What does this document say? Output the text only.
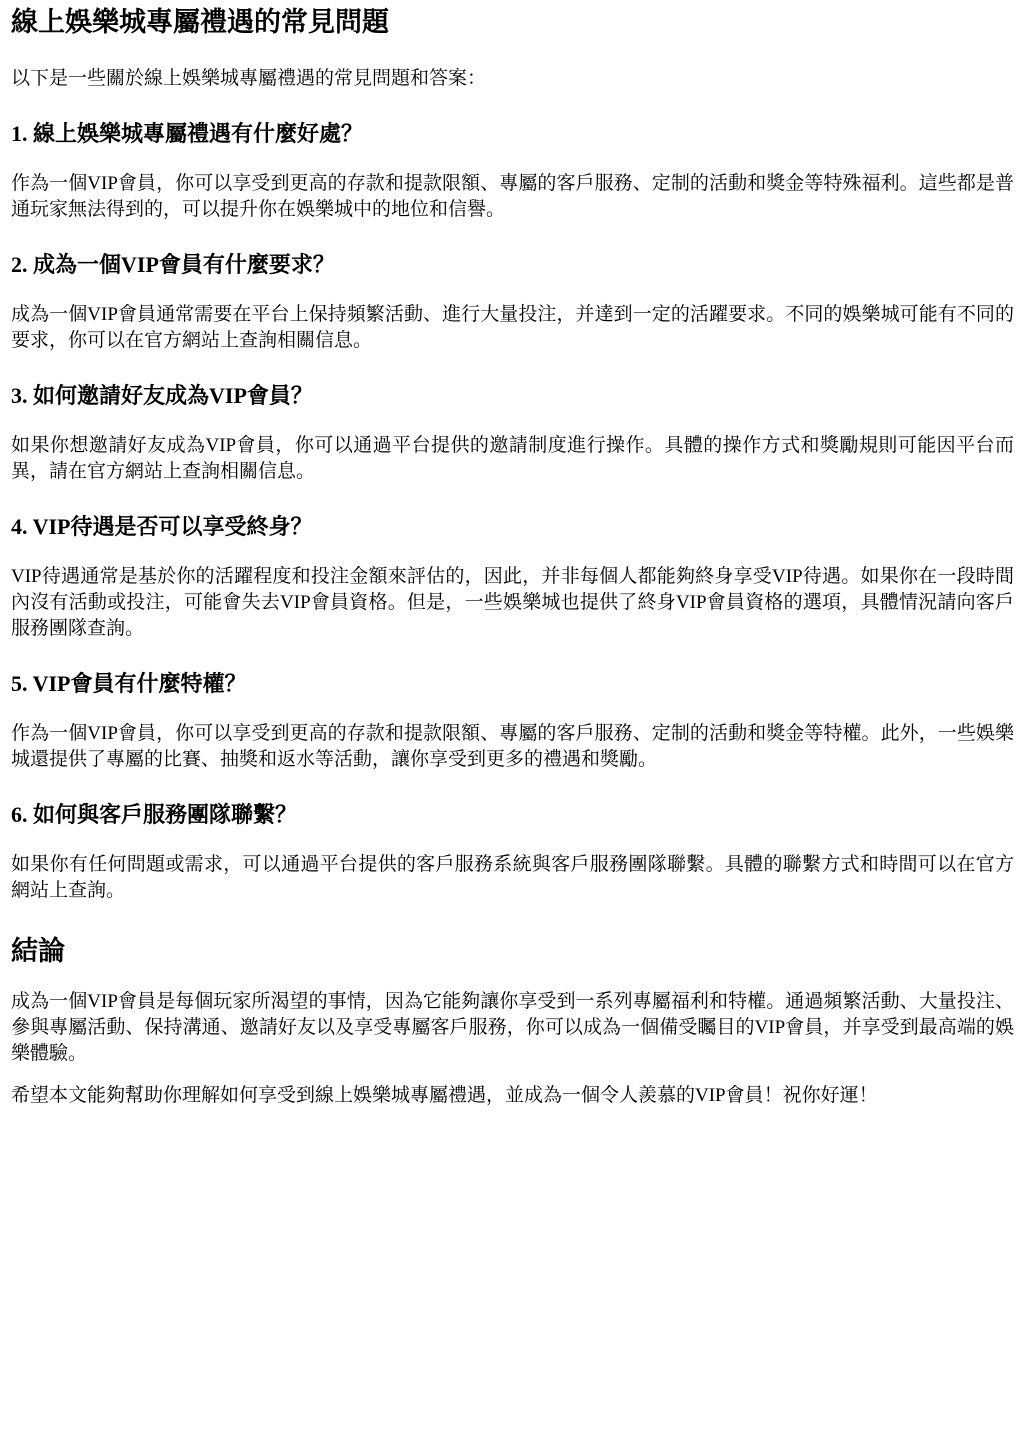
線上娛樂城專屬禮遇的常見問題

以下是一些關於線上娛樂城專屬禮遇的常見問題和答案：

1. 線上娛樂城專屬禮遇有什麼好處？

作為一個VIP會員，你可以享受到更高的存款和提款限額、專屬的客戶服務、定制的活動和獎金等特殊福利。這些都是普通玩家無法得到的，可以提升你在娛樂城中的地位和信譽。

2. 成為一個VIP會員有什麼要求？

成為一個VIP會員通常需要在平台上保持頻繁活動、進行大量投注，并達到一定的活躍要求。不同的娛樂城可能有不同的要求，你可以在官方網站上查詢相關信息。

3. 如何邀請好友成為VIP會員？

如果你想邀請好友成為VIP會員，你可以通過平台提供的邀請制度進行操作。具體的操作方式和獎勵規則可能因平台而異，請在官方網站上查詢相關信息。

4. VIP待遇是否可以享受終身？

VIP待遇通常是基於你的活躍程度和投注金額來評估的，因此，并非每個人都能夠終身享受VIP待遇。如果你在一段時間內沒有活動或投注，可能會失去VIP會員資格。但是，一些娛樂城也提供了終身VIP會員資格的選項，具體情況請向客戶服務團隊查詢。

5. VIP會員有什麼特權？

作為一個VIP會員，你可以享受到更高的存款和提款限額、專屬的客戶服務、定制的活動和獎金等特權。此外，一些娛樂城還提供了專屬的比賽、抽獎和返水等活動，讓你享受到更多的禮遇和獎勵。

6. 如何與客戶服務團隊聯繫？

如果你有任何問題或需求，可以通過平台提供的客戶服務系統與客戶服務團隊聯繫。具體的聯繫方式和時間可以在官方網站上查詢。

結論

成為一個VIP會員是每個玩家所渴望的事情，因為它能夠讓你享受到一系列專屬福利和特權。通過頻繁活動、大量投注、參與專屬活動、保持溝通、邀請好友以及享受專屬客戶服務，你可以成為一個備受矚目的VIP會員，并享受到最高端的娛樂體驗。

希望本文能夠幫助你理解如何享受到線上娛樂城專屬禮遇，並成為一個令人羨慕的VIP會員！祝你好運！
